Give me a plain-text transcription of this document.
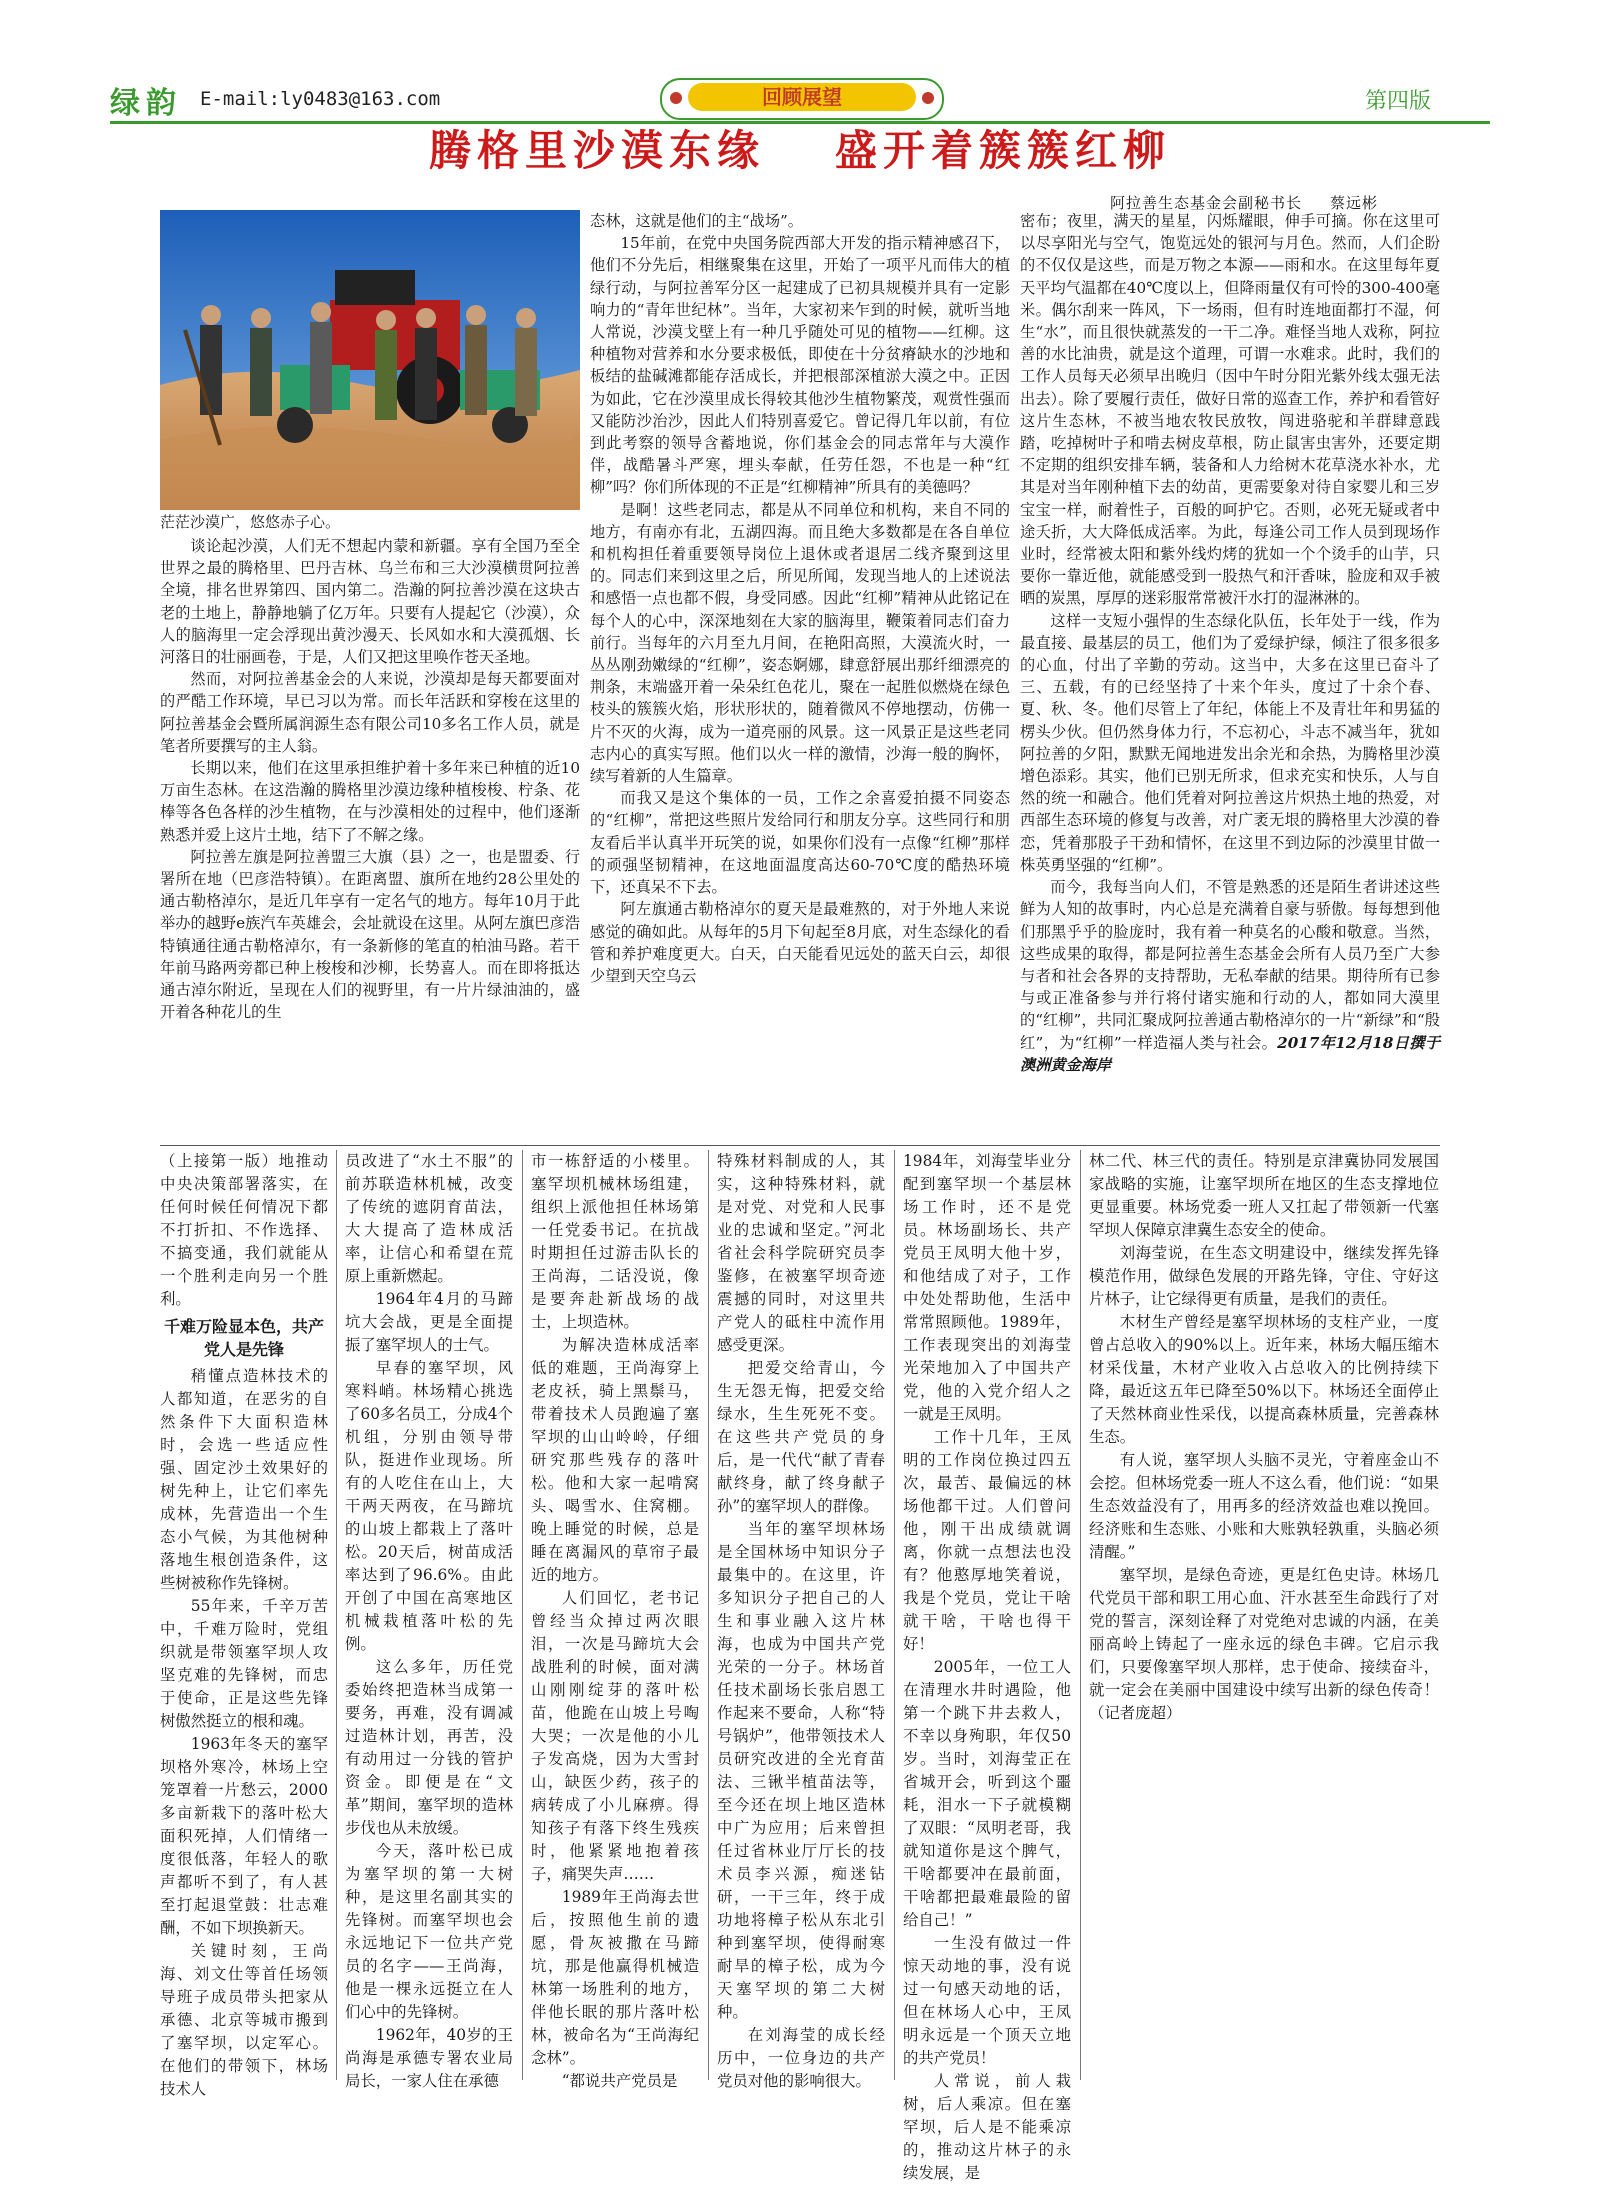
绿韵 E-mail:ly0483@163.com	回顾展望	第四版
腾格里沙漠东缘 盛开着簇簇红柳
阿拉善生态基金会副秘书长 蔡远彬
茫茫沙漠广，悠悠赤子心。

谈论起沙漠，人们无不想起内蒙和新疆。享有全国乃至全世界之最的腾格里、巴丹吉林、乌兰布和三大沙漠横贯阿拉善全境，排名世界第四、国内第二。浩瀚的阿拉善沙漠在这块古老的土地上，静静地躺了亿万年。只要有人提起它（沙漠），众人的脑海里一定会浮现出黄沙漫天、长风如水和大漠孤烟、长河落日的壮丽画卷，于是，人们又把这里唤作苍天圣地。

然而，对阿拉善基金会的人来说，沙漠却是每天都要面对的严酷工作环境，早已习以为常。而长年活跃和穿梭在这里的阿拉善基金会暨所属润源生态有限公司10多名工作人员，就是笔者所要撰写的主人翁。

长期以来，他们在这里承担维护着十多年来已种植的近10万亩生态林。在这浩瀚的腾格里沙漠边缘种植梭梭、柠条、花棒等各色各样的沙生植物，在与沙漠相处的过程中，他们逐渐熟悉并爱上这片土地，结下了不解之缘。

阿拉善左旗是阿拉善盟三大旗（县）之一，也是盟委、行署所在地（巴彦浩特镇）。在距离盟、旗所在地约28公里处的通古勒格淖尔，是近几年享有一定名气的地方。每年10月于此举办的越野e族汽车英雄会，会址就设在这里。从阿左旗巴彦浩特镇通往通古勒格淖尔，有一条新修的笔直的柏油马路。若干年前马路两旁都已种上梭梭和沙柳，长势喜人。而在即将抵达通古淖尔附近，呈现在人们的视野里，有一片片绿油油的，盛开着各种花儿的生

态林，这就是他们的主“战场”。

15年前，在党中央国务院西部大开发的指示精神感召下，他们不分先后，相继聚集在这里，开始了一项平凡而伟大的植绿行动，与阿拉善军分区一起建成了已初具规模并具有一定影响力的“青年世纪林”。当年，大家初来乍到的时候，就听当地人常说，沙漠戈壁上有一种几乎随处可见的植物——红柳。这种植物对营养和水分要求极低，即使在十分贫瘠缺水的沙地和板结的盐碱滩都能存活成长，并把根部深植淤大漠之中。正因为如此，它在沙漠里成长得较其他沙生植物繁茂，观赏性强而又能防沙治沙，因此人们特别喜爱它。曾记得几年以前，有位到此考察的领导含蓄地说，你们基金会的同志常年与大漠作伴，战酷暑斗严寒，埋头奉献，任劳任怨，不也是一种“红柳”吗？你们所体现的不正是“红柳精神”所具有的美德吗？

是啊！这些老同志，都是从不同单位和机构，来自不同的地方，有南亦有北，五湖四海。而且绝大多数都是在各自单位和机构担任着重要领导岗位上退休或者退居二线齐聚到这里的。同志们来到这里之后，所见所闻，发现当地人的上述说法和感悟一点也都不假，身受同感。因此“红柳”精神从此铭记在每个人的心中，深深地刻在大家的脑海里，鞭策着同志们奋力前行。当每年的六月至九月间，在艳阳高照，大漠流火时，一丛丛刚劲嫩绿的“红柳”，姿态婀娜，肆意舒展出那纤细漂亮的荆条，末端盛开着一朵朵红色花儿，聚在一起胜似燃烧在绿色枝头的簇簇火焰，形状形状的，随着微风不停地摆动，仿佛一片不灭的火海，成为一道亮丽的风景。这一风景正是这些老同志内心的真实写照。他们以火一样的激情，沙海一般的胸怀，续写着新的人生篇章。

而我又是这个集体的一员，工作之余喜爱拍摄不同姿态的“红柳”，常把这些照片发给同行和朋友分享。这些同行和朋友看后半认真半开玩笑的说，如果你们没有一点像“红柳”那样的顽强坚韧精神，在这地面温度高达60-70℃度的酷热环境下，还真呆不下去。

阿左旗通古勒格淖尔的夏天是最难熬的，对于外地人来说感觉的确如此。从每年的5月下旬起至8月底，对生态绿化的看管和养护难度更大。白天，白天能看见远处的蓝天白云，却很少望到天空乌云

密布；夜里，满天的星星，闪烁耀眼，伸手可摘。你在这里可以尽享阳光与空气，饱览远处的银河与月色。然而，人们企盼的不仅仅是这些，而是万物之本源——雨和水。在这里每年夏天平均气温都在40℃度以上，但降雨量仅有可怜的300-400毫米。偶尔刮来一阵风，下一场雨，但有时连地面都打不湿，何生“水”，而且很快就蒸发的一干二净。难怪当地人戏称，阿拉善的水比油贵，就是这个道理，可谓一水难求。此时，我们的工作人员每天必须早出晚归（因中午时分阳光紫外线太强无法出去）。除了要履行责任，做好日常的巡查工作，养护和看管好这片生态林，不被当地农牧民放牧，闯进骆驼和羊群肆意践踏，吃掉树叶子和啃去树皮草根，防止鼠害虫害外，还要定期不定期的组织安排车辆，装备和人力给树木花草浇水补水，尤其是对当年刚种植下去的幼苗，更需要象对待自家婴儿和三岁宝宝一样，耐着性子，百般的呵护它。否则，必死无疑或者中途夭折，大大降低成活率。为此，每逢公司工作人员到现场作业时，经常被太阳和紫外线灼烤的犹如一个个烫手的山芋，只要你一靠近他，就能感受到一股热气和汗香味，脸庞和双手被晒的炭黑，厚厚的迷彩服常常被汗水打的湿淋淋的。

这样一支短小强悍的生态绿化队伍，长年处于一线，作为最直接、最基层的员工，他们为了爱绿护绿，倾注了很多很多的心血，付出了辛勤的劳动。这当中，大多在这里已奋斗了三、五载，有的已经坚持了十来个年头，度过了十余个春、夏、秋、冬。他们尽管上了年纪，体能上不及青壮年和男猛的楞头少伙。但仍然身体力行，不忘初心，斗志不减当年，犹如阿拉善的夕阳，默默无闻地进发出余光和余热，为腾格里沙漠增色添彩。其实，他们已别无所求，但求充实和快乐，人与自然的统一和融合。他们凭着对阿拉善这片炽热土地的热爱，对西部生态环境的修复与改善，对广袤无垠的腾格里大沙漠的眷恋，凭着那股子干劲和情怀，在这里不到边际的沙漠里甘做一株英勇坚强的“红柳”。

而今，我每当向人们，不管是熟悉的还是陌生者讲述这些鲜为人知的故事时，内心总是充满着自豪与骄傲。每每想到他们那黑乎乎的脸庞时，我有着一种莫名的心酸和敬意。当然，这些成果的取得，都是阿拉善生态基金会所有人员乃至广大参与者和社会各界的支持帮助，无私奉献的结果。期待所有已参与或正准备参与并行将付诸实施和行动的人，都如同大漠里的“红柳”，共同汇聚成阿拉善通古勒格淖尔的一片“新绿”和“殷红”，为“红柳”一样造福人类与社会。2017年12月18日撰于澳洲黄金海岸

（上接第一版）地推动中央决策部署落实，在任何时候任何情况下都不打折扣、不作选择、不搞变通，我们就能从一个胜利走向另一个胜利。

千难万险显本色，共产党人是先锋

稍懂点造林技术的人都知道，在恶劣的自然条件下大面积造林时，会选一些适应性强、固定沙土效果好的树先种上，让它们率先成林，先营造出一个生态小气候，为其他树种落地生根创造条件，这些树被称作先锋树。

55年来，千辛万苦中，千难万险时，党组织就是带领塞罕坝人攻坚克难的先锋树，而忠于使命，正是这些先锋树傲然挺立的根和魂。

1963年冬天的塞罕坝格外寒冷，林场上空笼罩着一片愁云，2000多亩新栽下的落叶松大面积死掉，人们情绪一度很低落，年轻人的歌声都听不到了，有人甚至打起退堂鼓：壮志难酬，不如下坝换新天。

关键时刻，王尚海、刘文仕等首任场领导班子成员带头把家从承德、北京等城市搬到了塞罕坝，以定军心。在他们的带领下，林场技术人

员改进了“水土不服”的前苏联造林机械，改变了传统的遮阴育苗法，大大提高了造林成活率，让信心和希望在荒原上重新燃起。

1964年4月的马蹄坑大会战，更是全面提振了塞罕坝人的士气。

早春的塞罕坝，风寒料峭。林场精心挑选了60多名员工，分成4个机组，分别由领导带队，挺进作业现场。所有的人吃住在山上，大干两天两夜，在马蹄坑的山坡上都栽上了落叶松。20天后，树苗成活率达到了96.6%。由此开创了中国在高寒地区机械栽植落叶松的先例。

这么多年，历任党委始终把造林当成第一要务，再难，没有调减过造林计划，再苦，没有动用过一分钱的管护资金。即便是在“文革”期间，塞罕坝的造林步伐也从未放缓。

今天，落叶松已成为塞罕坝的第一大树种，是这里名副其实的先锋树。而塞罕坝也会永远地记下一位共产党员的名字——王尚海，他是一棵永远挺立在人们心中的先锋树。

1962年，40岁的王尚海是承德专署农业局局长，一家人住在承德

市一栋舒适的小楼里。塞罕坝机械林场组建，组织上派他担任林场第一任党委书记。在抗战时期担任过游击队长的王尚海，二话没说，像是要奔赴新战场的战士，上坝造林。

为解决造林成活率低的难题，王尚海穿上老皮袄，骑上黑鬃马，带着技术人员跑遍了塞罕坝的山山岭岭，仔细研究那些残存的落叶松。他和大家一起啃窝头、喝雪水、住窝棚。晚上睡觉的时候，总是睡在离漏风的草帘子最近的地方。

人们回忆，老书记曾经当众掉过两次眼泪，一次是马蹄坑大会战胜利的时候，面对满山刚刚绽芽的落叶松苗，他跪在山坡上号啕大哭；一次是他的小儿子发高烧，因为大雪封山，缺医少药，孩子的病转成了小儿麻痹。得知孩子有落下终生残疾时，他紧紧地抱着孩子，痛哭失声……

1989年王尚海去世后，按照他生前的遗愿，骨灰被撒在马蹄坑，那是他赢得机械造林第一场胜利的地方，伴他长眠的那片落叶松林，被命名为“王尚海纪念林”。

“都说共产党员是

特殊材料制成的人，其实，这种特殊材料，就是对党、对党和人民事业的忠诚和坚定。”河北省社会科学院研究员李鉴修，在被塞罕坝奇迹震撼的同时，对这里共产党人的砥柱中流作用感受更深。

把爱交给青山，今生无怨无悔，把爱交给绿水，生生死死不变。在这些共产党员的身后，是一代代“献了青春献终身，献了终身献子孙”的塞罕坝人的群像。

当年的塞罕坝林场是全国林场中知识分子最集中的。在这里，许多知识分子把自己的人生和事业融入这片林海，也成为中国共产党光荣的一分子。林场首任技术副场长张启恩工作起来不要命，人称“特号锅炉”，他带领技术人员研究改进的全光育苗法、三锹半植苗法等，至今还在坝上地区造林中广为应用；后来曾担任过省林业厅厅长的技术员李兴源，痴迷钻研，一干三年，终于成功地将樟子松从东北引种到塞罕坝，使得耐寒耐旱的樟子松，成为今天塞罕坝的第二大树种。

在刘海莹的成长经历中，一位身边的共产党员对他的影响很大。

1984年，刘海莹毕业分配到塞罕坝一个基层林场工作时，还不是党员。林场副场长、共产党员王凤明大他十岁，和他结成了对子，工作中处处帮助他，生活中常常照顾他。1989年，工作表现突出的刘海莹光荣地加入了中国共产党，他的入党介绍人之一就是王凤明。

工作十几年，王凤明的工作岗位换过四五次，最苦、最偏远的林场他都干过。人们曾问他，刚干出成绩就调离，你就一点想法也没有？他憨厚地笑着说，我是个党员，党让干啥就干啥，干啥也得干好！

2005年，一位工人在清理水井时遇险，他第一个跳下井去救人，不幸以身殉职，年仅50岁。当时，刘海莹正在省城开会，听到这个噩耗，泪水一下子就模糊了双眼：“凤明老哥，我就知道你是这个脾气，干啥都要冲在最前面，干啥都把最难最险的留给自己！”

一生没有做过一件惊天动地的事，没有说过一句感天动地的话，但在林场人心中，王凤明永远是一个顶天立地的共产党员！

人常说，前人栽树，后人乘凉。但在塞罕坝，后人是不能乘凉的，推动这片林子的永续发展，是

林二代、林三代的责任。特别是京津冀协同发展国家战略的实施，让塞罕坝所在地区的生态支撑地位更显重要。林场党委一班人又扛起了带领新一代塞罕坝人保障京津冀生态安全的使命。

刘海莹说，在生态文明建设中，继续发挥先锋模范作用，做绿色发展的开路先锋，守住、守好这片林子，让它绿得更有质量，是我们的责任。

木材生产曾经是塞罕坝林场的支柱产业，一度曾占总收入的90%以上。近年来，林场大幅压缩木材采伐量，木材产业收入占总收入的比例持续下降，最近这五年已降至50%以下。林场还全面停止了天然林商业性采伐，以提高森林质量，完善森林生态。

有人说，塞罕坝人头脑不灵光，守着座金山不会挖。但林场党委一班人不这么看，他们说：“如果生态效益没有了，用再多的经济效益也难以挽回。经济账和生态账、小账和大账孰轻孰重，头脑必须清醒。”

塞罕坝，是绿色奇迹，更是红色史诗。林场几代党员干部和职工用心血、汗水甚至生命践行了对党的誓言，深刻诠释了对党绝对忠诚的内涵，在美丽高岭上铸起了一座永远的绿色丰碑。它启示我们，只要像塞罕坝人那样，忠于使命、接续奋斗，就一定会在美丽中国建设中续写出新的绿色传奇！（记者庞超）
